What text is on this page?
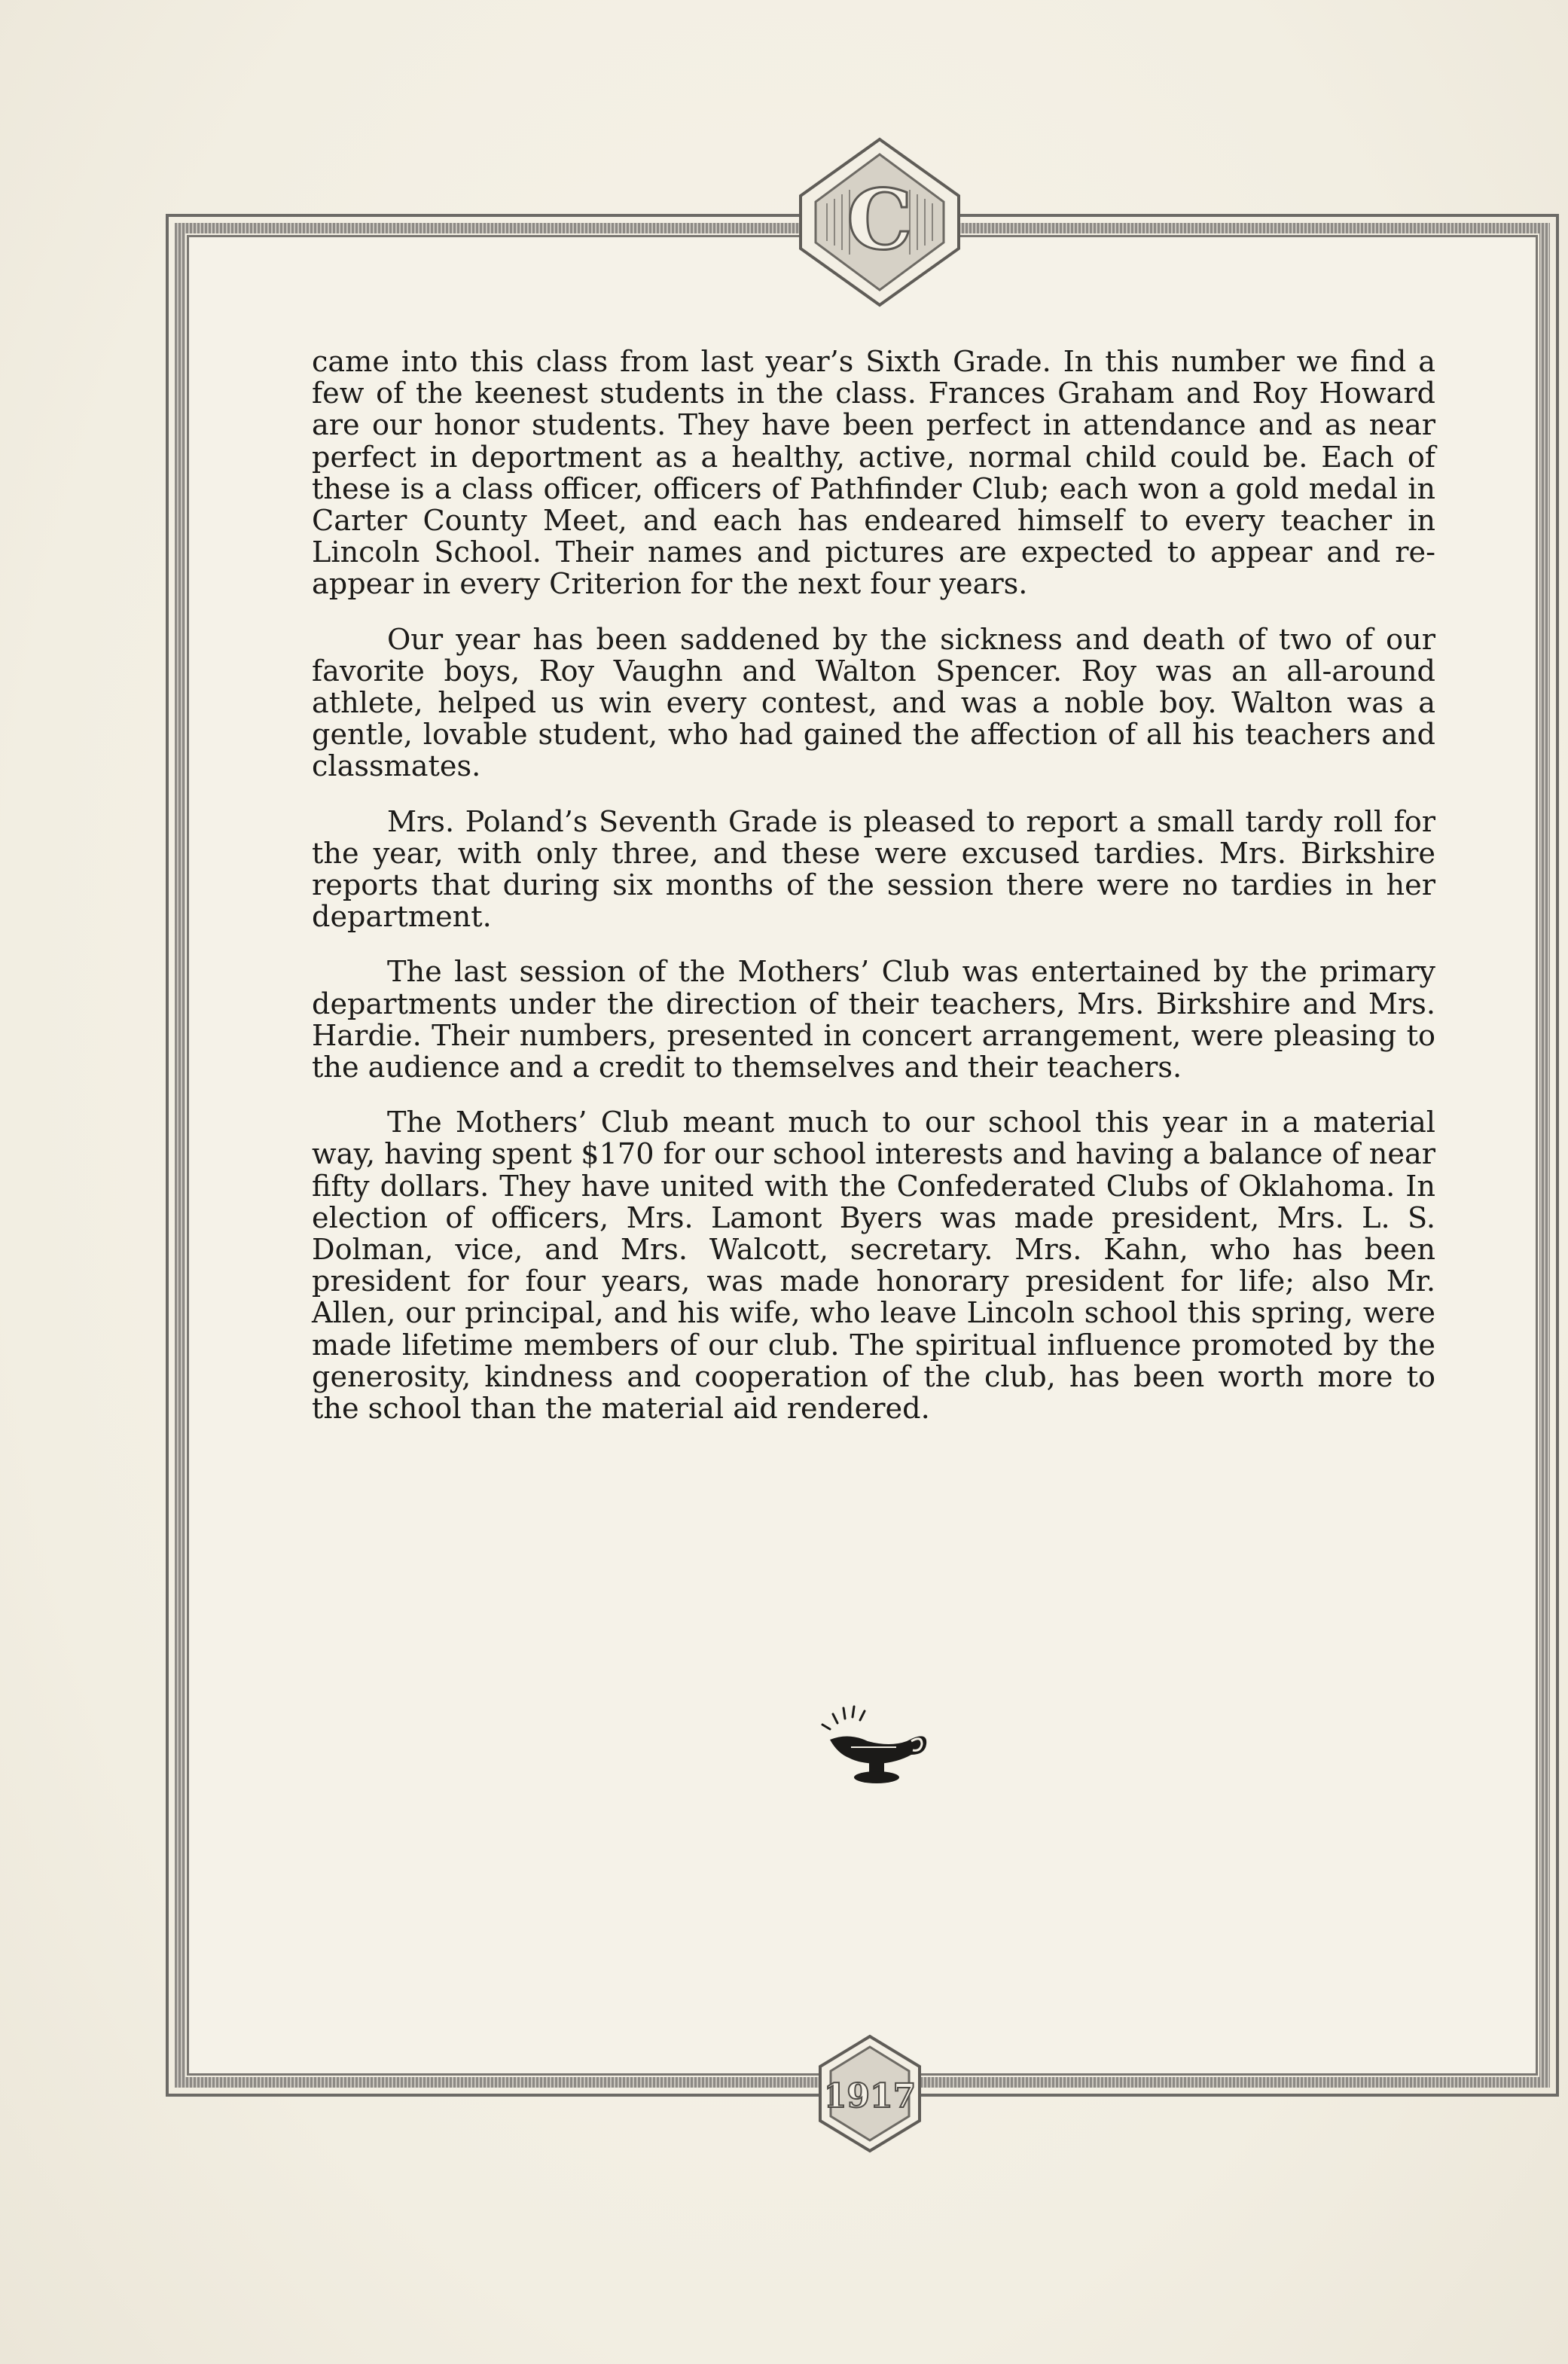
C

came into this class from last year’s Sixth Grade. In this number we find a few of the keenest students in the class. Frances Graham and Roy Howard are our honor students. They have been perfect in attendance and as near perfect in deportment as a healthy, active, normal child could be. Each of these is a class officer, officers of Pathfinder Club; each won a gold medal in Carter County Meet, and each has endeared himself to every teacher in Lincoln School. Their names and pictures are expected to appear and re-appear in every Criterion for the next four years.

Our year has been saddened by the sickness and death of two of our favorite boys, Roy Vaughn and Walton Spencer. Roy was an all-around athlete, helped us win every contest, and was a noble boy. Walton was a gentle, lovable student, who had gained the affection of all his teachers and classmates.

Mrs. Poland’s Seventh Grade is pleased to report a small tardy roll for the year, with only three, and these were excused tardies. Mrs. Birkshire reports that during six months of the session there were no tardies in her department.

The last session of the Mothers’ Club was entertained by the primary departments under the direction of their teachers, Mrs. Birkshire and Mrs. Hardie. Their numbers, presented in concert arrangement, were pleasing to the audience and a credit to themselves and their teachers.

The Mothers’ Club meant much to our school this year in a material way, having spent $170 for our school interests and having a balance of near fifty dollars. They have united with the Confederated Clubs of Oklahoma. In election of officers, Mrs. Lamont Byers was made president, Mrs. L. S. Dolman, vice, and Mrs. Walcott, secretary. Mrs. Kahn, who has been president for four years, was made honorary president for life; also Mr. Allen, our principal, and his wife, who leave Lincoln school this spring, were made lifetime members of our club. The spiritual influence promoted by the generosity, kindness and cooperation of the club, has been worth more to the school than the material aid rendered.

1917
